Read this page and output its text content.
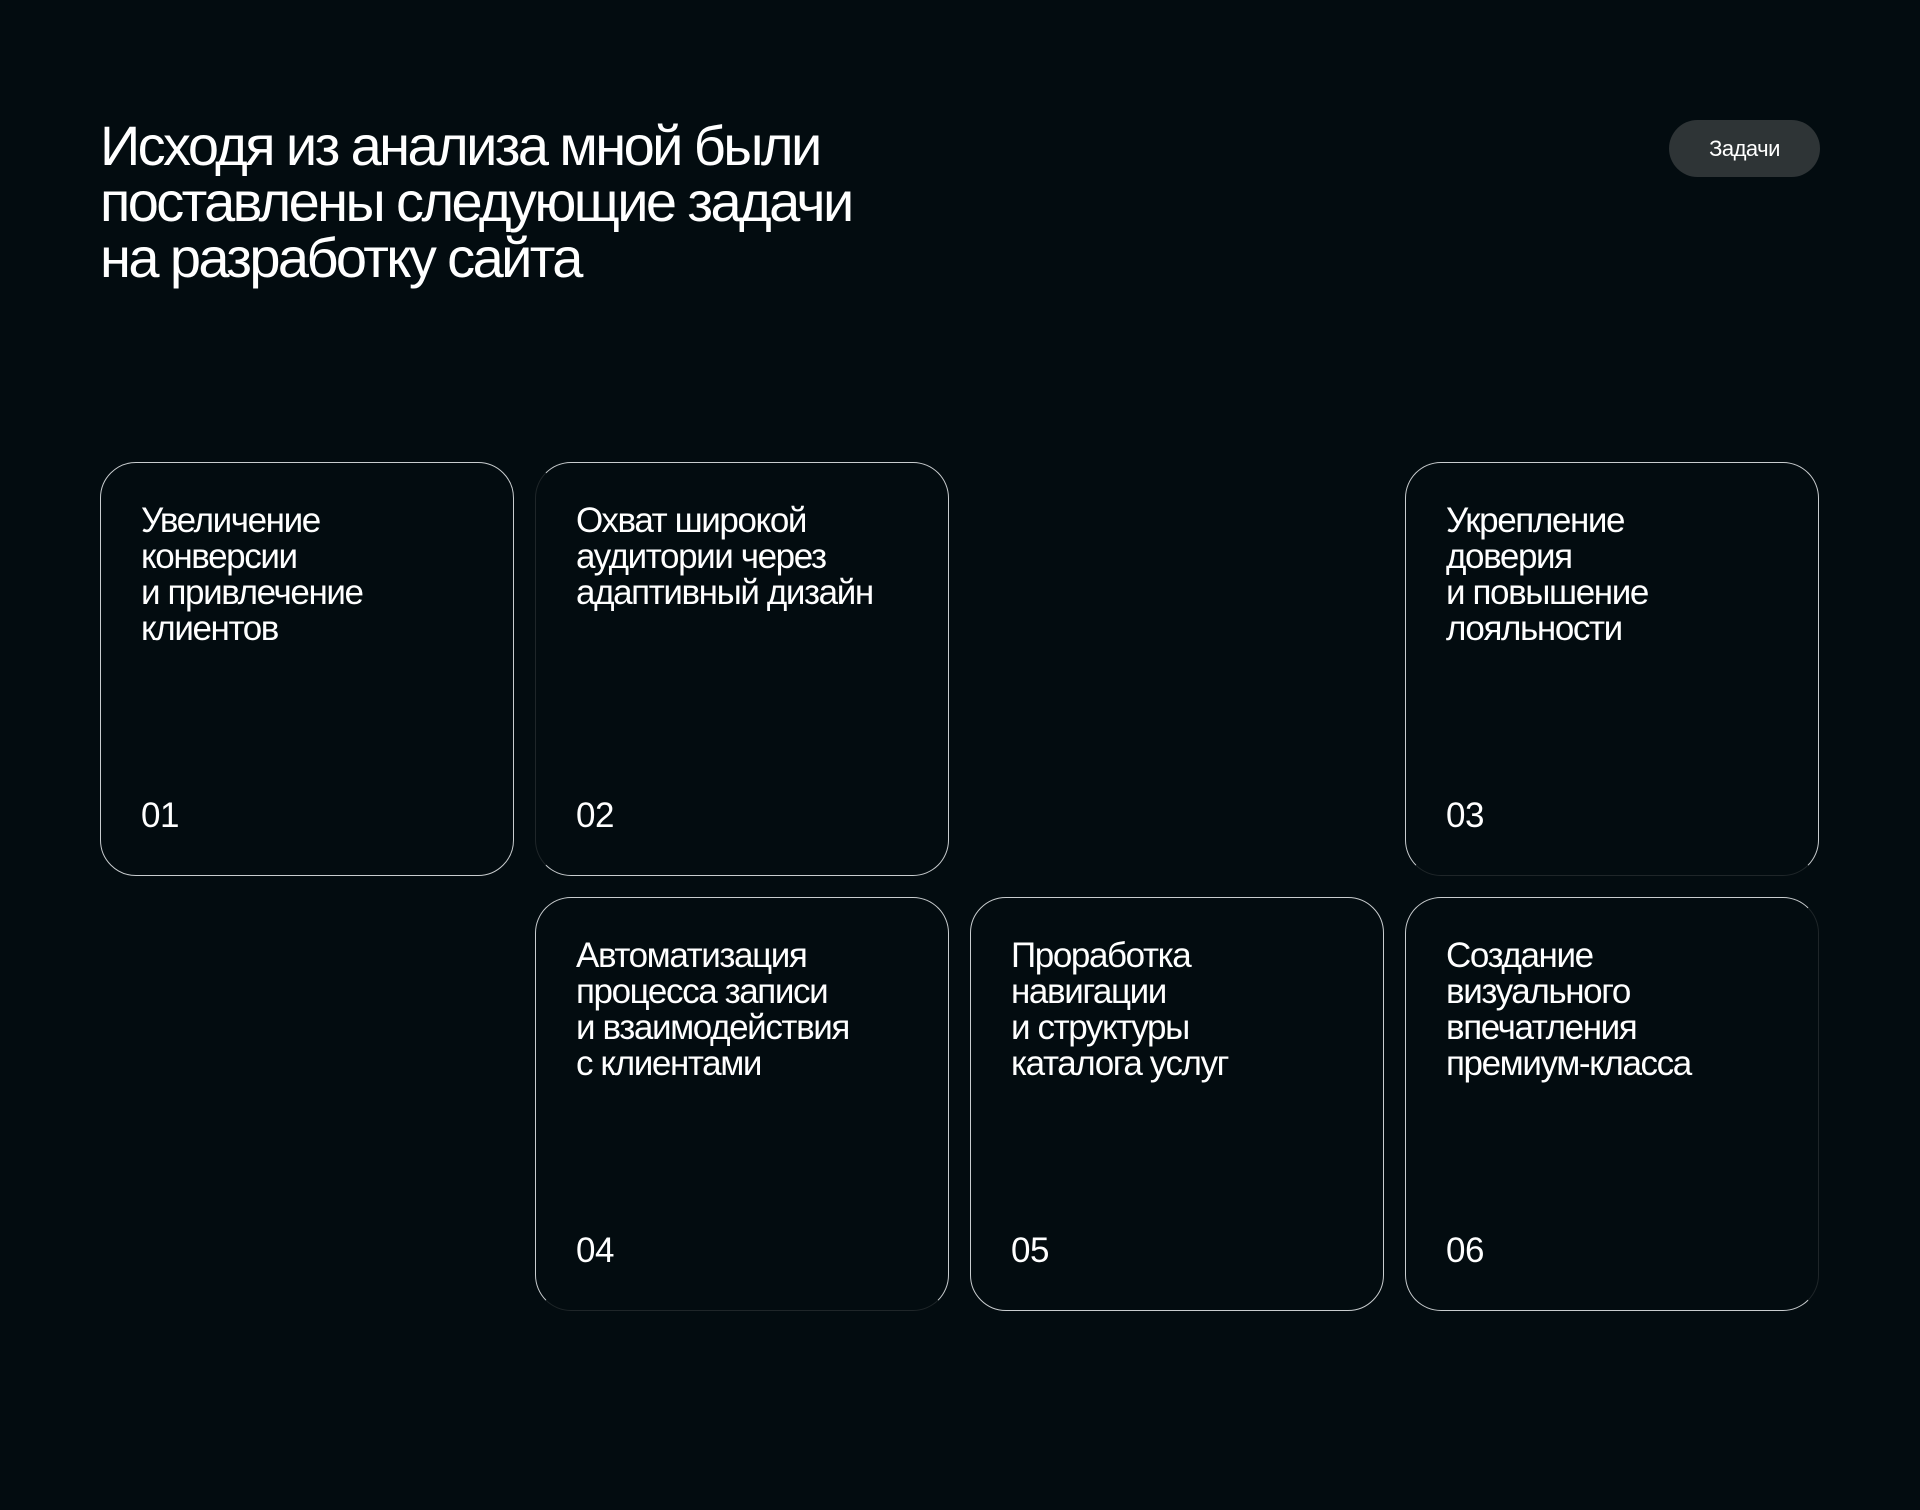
Исходя из анализа мной были
поставлены следующие задачи
на разработку сайта
Задачи

Увеличение
конверсии
и привлечение
клиентов

01

Охват широкой
аудитории через
адаптивный дизайн

02

Укрепление
доверия
и повышение
лояльности

03

Автоматизация
процесса записи
и взаимодействия
с клиентами

04

Проработка
навигации
и структуры
каталога услуг

05

Создание
визуального
впечатления
премиум-класса

06
